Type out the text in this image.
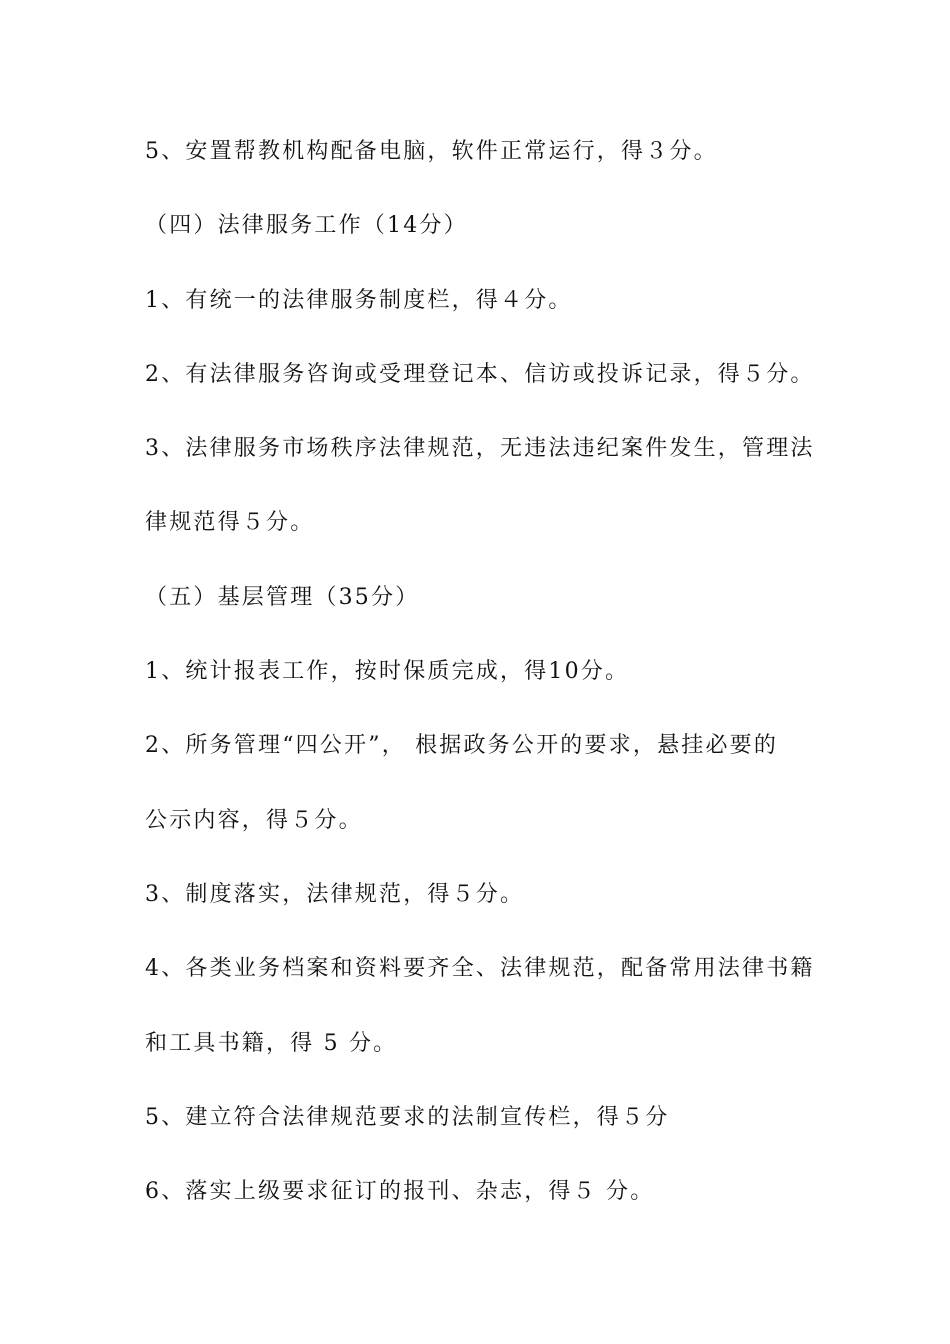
5、安置帮教机构配备电脑，软件正常运行，得３分。
（四）法律服务工作（14分）
1、有统一的法律服务制度栏，得４分。
2、有法律服务咨询或受理登记本、信访或投诉记录，得５分。
3、法律服务市场秩序法律规范，无违法违纪案件发生，管理法
律规范得５分。
（五）基层管理（35分）
1、统计报表工作，按时保质完成，得10分。
2、所务管理“四公开”， 根据政务公开的要求，悬挂必要的
公示内容，得５分。
3、制度落实，法律规范，得５分。
4、各类业务档案和资料要齐全、法律规范，配备常用法律书籍
和工具书籍，得 5 分。
5、建立符合法律规范要求的法制宣传栏，得５分
6、落实上级要求征订的报刊、杂志，得５ 分。
